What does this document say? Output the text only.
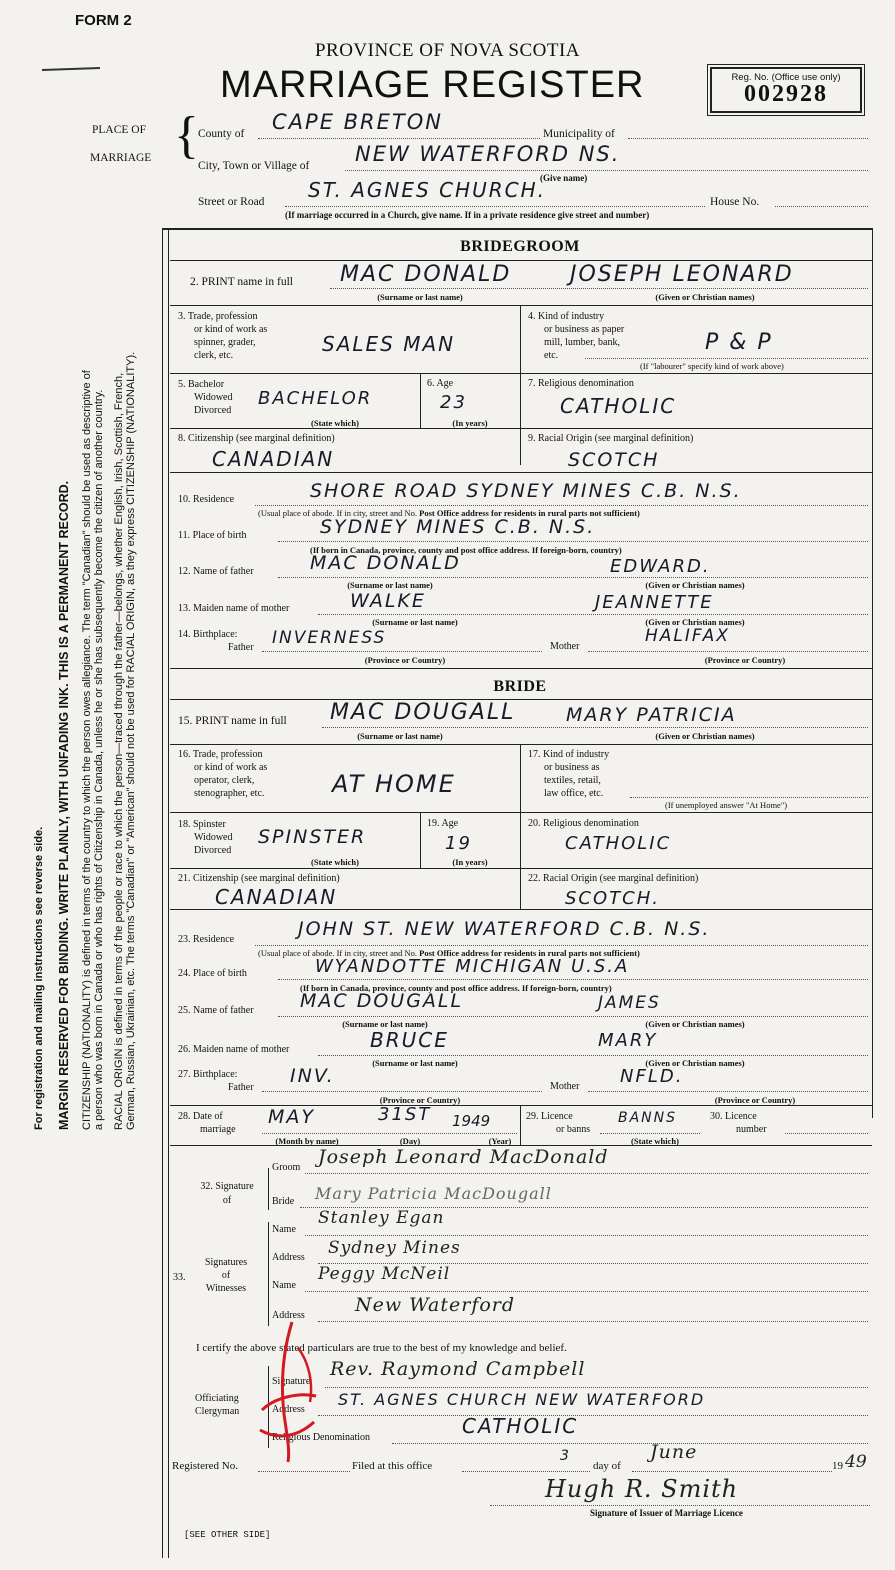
FORM 2
PROVINCE OF NOVA SCOTIA
MARRIAGE REGISTER	Reg. No. (Office use only)
002928
PLACE OF
MARRIAGE { County of CAPE BRETON	Municipality of
City, Town or Village of NEW WATERFORD NS.
(Give name)
Street or Road ST. AGNES CHURCH.	House No.
(If marriage occurred in a Church, give name. If in a private residence give street and number)
For registration and mailing instructions see reverse side. MARGIN RESERVED FOR BINDING. WRITE PLAINLY, WITH UNFADING INK. THIS IS A PERMANENT RECORD. CITIZENSHIP (NATIONALITY) is defined in terms of the country to which the person owes allegiance. The term "Canadian" should be used as descriptive of a person who was born in Canada or who has rights of Citizenship in Canada, unless he or she has subsequently become the citizen of another country. RACIAL ORIGIN is defined in terms of the people or race to which the person—traced through the father—belongs, whether English, Irish, Scottish, French, German, Russian, Ukrainian, etc. The terms "Canadian" or "American" should not be used for RACIAL ORIGIN, as they express CITIZENSHIP (NATIONALITY).
BRIDEGROOM
2. PRINT name in full MAC DONALD	JOSEPH LEONARD
(Surname or last name)	(Given or Christian names)
3. Trade, profession
or kind of work as
spinner, grader,
clerk, etc.	SALES MAN
4. Kind of industry
or business as paper
mill, lumber, bank,
etc.
P & P
(If "labourer" specify kind of work above)
5. Bachelor
Widowed
Divorced
BACHELOR
(State which)
6. Age
23
(In years)
7. Religious denomination
CATHOLIC
8. Citizenship (see marginal definition)
CANADIAN
9. Racial Origin (see marginal definition)
SCOTCH
10. Residence	SHORE ROAD SYDNEY MINES C.B. N.S.
(Usual place of abode. If in city, street and No. Post Office address for residents in rural parts not sufficient)
11. Place of birth	SYDNEY MINES C.B. N.S.
(If born in Canada, province, county and post office address. If foreign-born, country)
12. Name of father	MAC DONALD	EDWARD.
(Surname or last name)	(Given or Christian names)
13. Maiden name of mother	WALKE	JEANNETTE
(Surname or last name)	(Given or Christian names)
14. Birthplace:
Father INVERNESS	Mother
HALIFAX
(Province or Country)	(Province or Country)
BRIDE
15. PRINT name in full MAC DOUGALL	MARY PATRICIA
(Surname or last name)	(Given or Christian names)
16. Trade, profession
or kind of work as
operator, clerk,
stenographer, etc.	AT HOME
17. Kind of industry
or business as
textiles, retail,
law office, etc.
(If unemployed answer "At Home")
18. Spinster
Widowed
Divorced
SPINSTER
(State which)
19. Age
19
(In years)
20. Religious denomination
CATHOLIC
21. Citizenship (see marginal definition)
CANADIAN
22. Racial Origin (see marginal definition)
SCOTCH.
23. Residence	JOHN ST. NEW WATERFORD C.B. N.S.
(Usual place of abode. If in city, street and No. Post Office address for residents in rural parts not sufficient)
24. Place of birth	WYANDOTTE MICHIGAN U.S.A
(If born in Canada, province, county and post office address. If foreign-born, country)
25. Name of father MAC DOUGALL	JAMES
(Surname or last name)	(Given or Christian names)
26. Maiden name of mother	BRUCE	MARY
(Surname or last name)	(Given or Christian names)
27. Birthplace:
Father
INV.	Mother NFLD.
(Province or Country)	(Province or Country)
28. Date of
marriage
MAY	31ST 1949
(Month by name)	(Day)	(Year)
29. Licence
or banns
BANNS
(State which)
30. Licence
number
32. Signature
of
Groom Joseph Leonard MacDonald
Bride Mary Patricia MacDougall
33.
Signatures
of
Witnesses
Name
Stanley Egan
Address Sydney Mines
Name
Peggy McNeil
Address	New Waterford
I certify the above stated particulars are true to the best of my knowledge and belief.
Officiating
Clergyman
Signature
Rev. Raymond Campbell
Address
ST. AGNES CHURCH NEW WATERFORD
Religious Denomination	CATHOLIC
Registered No.	Filed at this office
3
day of
June
19 49
Hugh R. Smith
Signature of Issuer of Marriage Licence
[SEE OTHER SIDE]
